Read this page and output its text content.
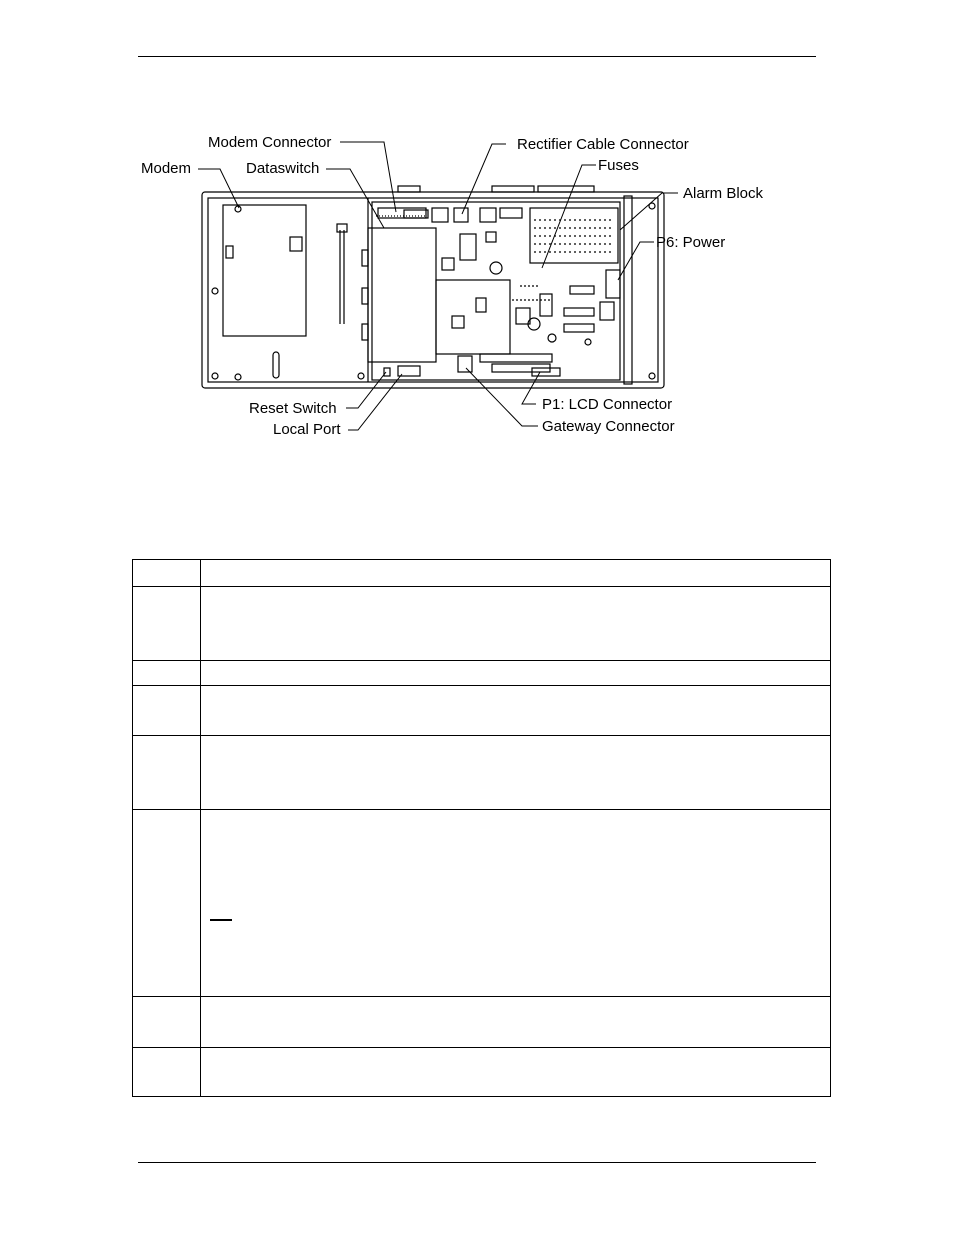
Modem
Modem Connector
Dataswitch
Rectifier Cable Connector
Fuses
Alarm Block
P6: Power
Reset Switch
Local Port
P1: LCD Connector
Gateway Connector
